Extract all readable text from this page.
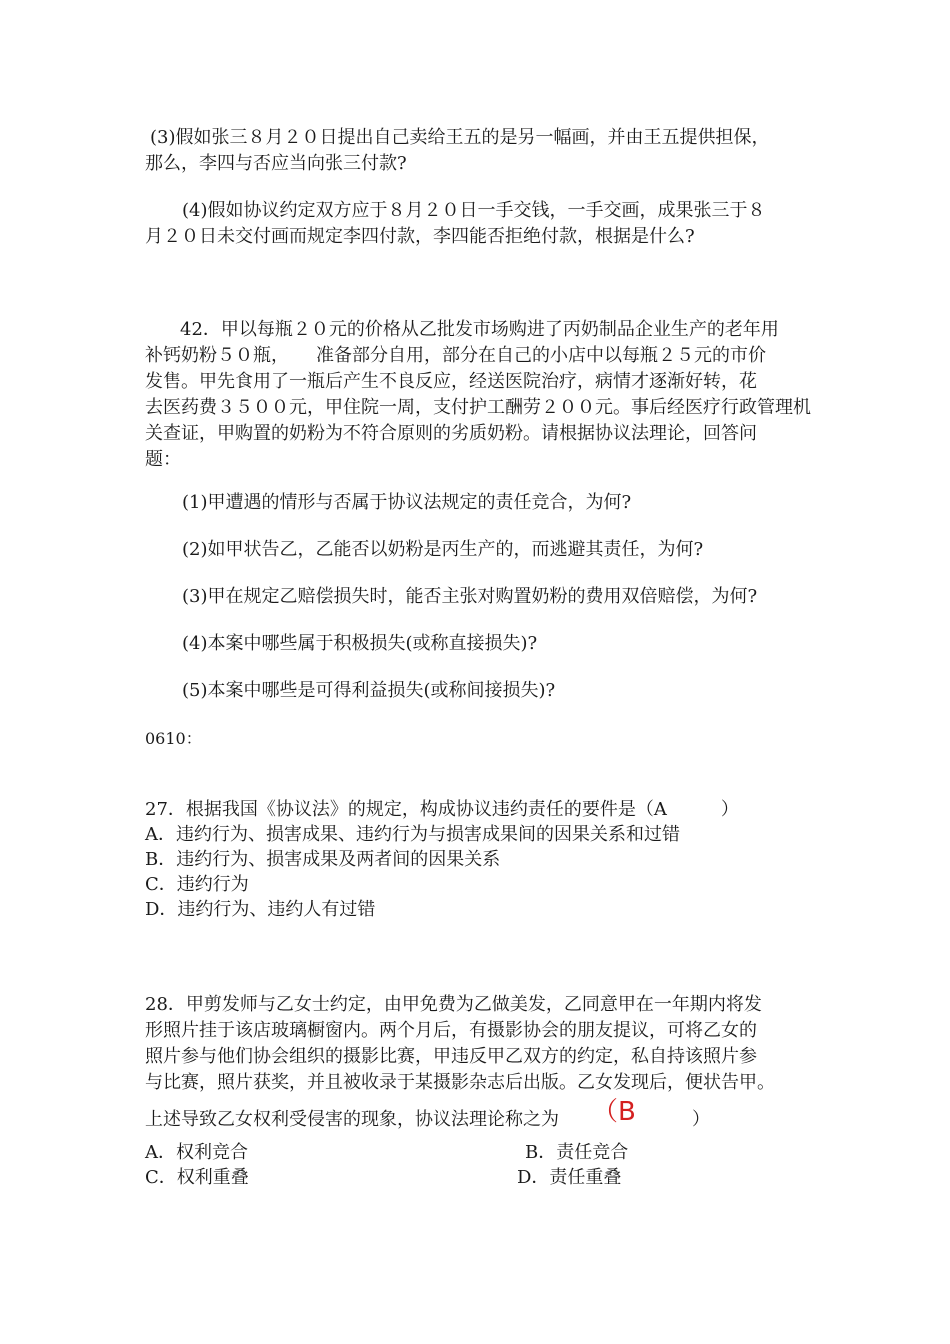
(3)假如张三８月２０日提出自己卖给王五的是另一幅画，并由王五提供担保，
那么，李四与否应当向张三付款?
(4)假如协议约定双方应于８月２０日一手交钱，一手交画，成果张三于８
月２０日未交付画而规定李四付款，李四能否拒绝付款，根据是什么?
42．甲以每瓶２０元的价格从乙批发市场购进了丙奶制品企业生产的老年用
补钙奶粉５０瓶，　　准备部分自用，部分在自己的小店中以每瓶２５元的市价
发售。甲先食用了一瓶后产生不良反应，经送医院治疗，病情才逐渐好转，花
去医药费３５００元，甲住院一周，支付护工酬劳２００元。事后经医疗行政管理机
关查证，甲购置的奶粉为不符合原则的劣质奶粉。请根据协议法理论，回答问
题：
(1)甲遭遇的情形与否属于协议法规定的责任竞合，为何?
(2)如甲状告乙，乙能否以奶粉是丙生产的，而逃避其责任，为何?
(3)甲在规定乙赔偿损失时，能否主张对购置奶粉的费用双倍赔偿，为何?
(4)本案中哪些属于积极损失(或称直接损失)?
(5)本案中哪些是可得利益损失(或称间接损失)?
0610：
27．根据我国《协议法》的规定，构成协议违约责任的要件是（A　　　）
A．违约行为、损害成果、违约行为与损害成果间的因果关系和过错
B．违约行为、损害成果及两者间的因果关系
C．违约行为
D．违约行为、违约人有过错
28．甲剪发师与乙女士约定，由甲免费为乙做美发，乙同意甲在一年期内将发
形照片挂于该店玻璃橱窗内。两个月后，有摄影协会的朋友提议，可将乙女的
照片参与他们协会组织的摄影比赛，甲违反甲乙双方的约定，私自持该照片参
与比赛，照片获奖，并且被收录于某摄影杂志后出版。乙女发现后，便状告甲。
上述导致乙女权利受侵害的现象，协议法理论称之为 （B	）
A．权利竞合	B．责任竞合
C．权利重叠	D．责任重叠
